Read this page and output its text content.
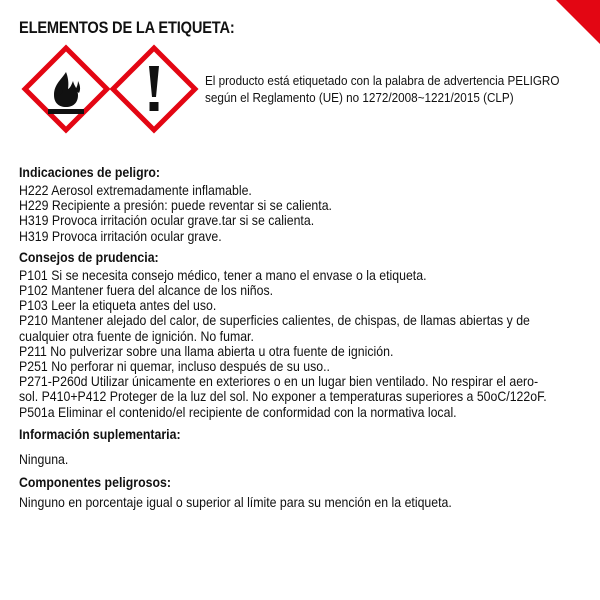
ELEMENTOS DE LA ETIQUETA:
El producto está etiquetado con la palabra de advertencia PELIGRO
según el Reglamento (UE) no 1272/2008~1221/2015 (CLP)
Indicaciones de peligro:
H222 Aerosol extremadamente inflamable.
H229 Recipiente a presión: puede reventar si se calienta.
H319 Provoca irritación ocular grave.tar si se calienta.
H319 Provoca irritación ocular grave.
Consejos de prudencia:
P101 Si se necesita consejo médico, tener a mano el envase o la etiqueta.
P102 Mantener fuera del alcance de los niños.
P103 Leer la etiqueta antes del uso.
P210 Mantener alejado del calor, de superficies calientes, de chispas, de llamas abiertas y de
cualquier otra fuente de ignición. No fumar.
P211 No pulverizar sobre una llama abierta u otra fuente de ignición.
P251 No perforar ni quemar, incluso después de su uso..
P271-P260d Utilizar únicamente en exteriores o en un lugar bien ventilado. No respirar el aero-
sol. P410+P412 Proteger de la luz del sol. No exponer a temperaturas superiores a 50oC/122oF.
P501a Eliminar el contenido/el recipiente de conformidad con la normativa local.
Información suplementaria:
Ninguna.
Componentes peligrosos:
Ninguno en porcentaje igual o superior al límite para su mención en la etiqueta.
